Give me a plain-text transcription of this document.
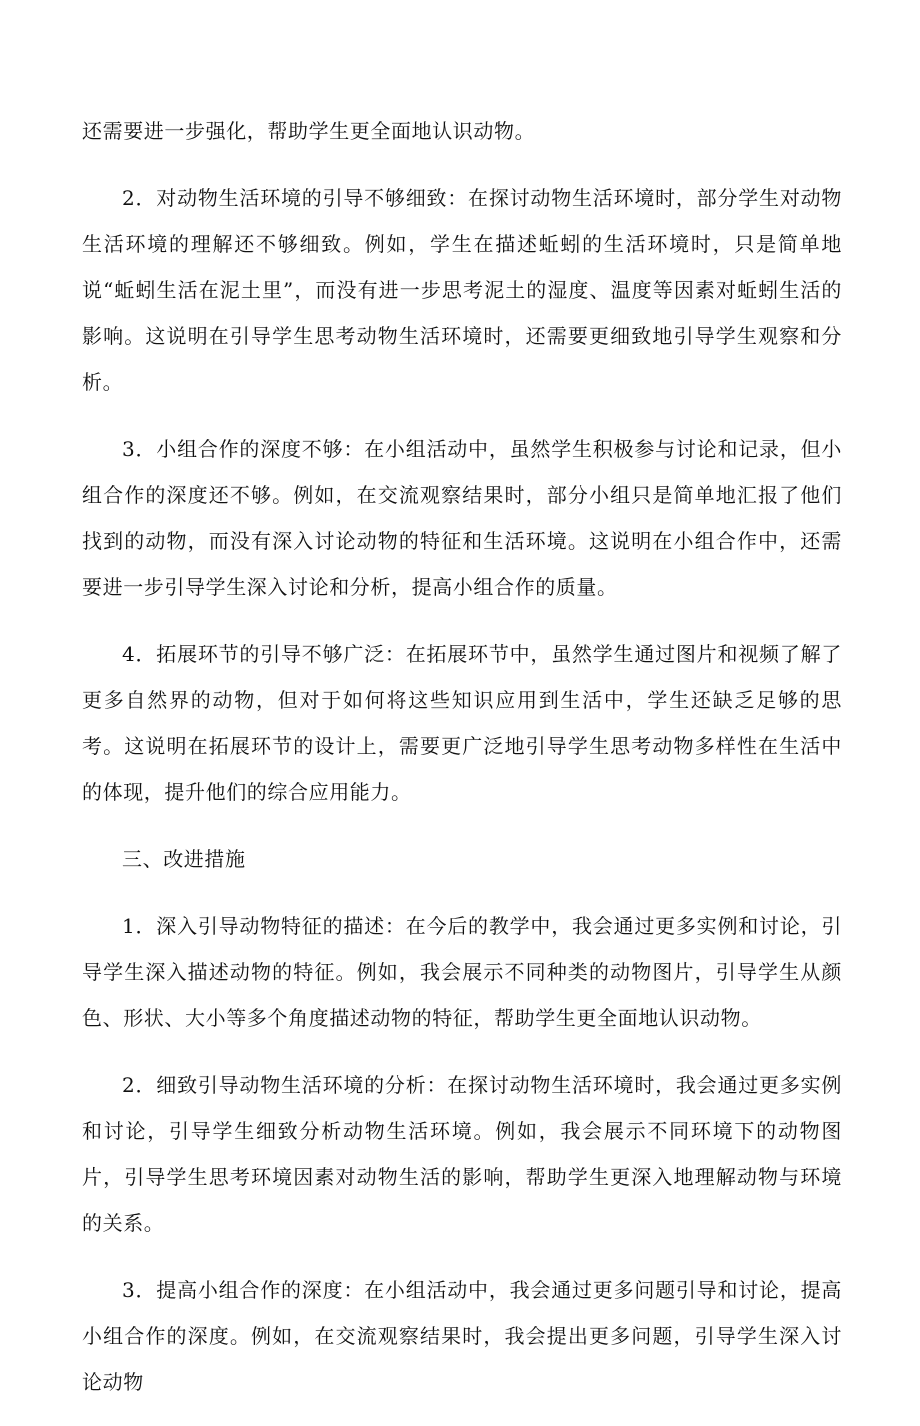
还需要进一步强化，帮助学生更全面地认识动物。

2．对动物生活环境的引导不够细致：在探讨动物生活环境时，部分学生对动物生活环境的理解还不够细致。例如，学生在描述蚯蚓的生活环境时，只是简单地说“蚯蚓生活在泥土里”，而没有进一步思考泥土的湿度、温度等因素对蚯蚓生活的影响。这说明在引导学生思考动物生活环境时，还需要更细致地引导学生观察和分析。

3．小组合作的深度不够：在小组活动中，虽然学生积极参与讨论和记录，但小组合作的深度还不够。例如，在交流观察结果时，部分小组只是简单地汇报了他们找到的动物，而没有深入讨论动物的特征和生活环境。这说明在小组合作中，还需要进一步引导学生深入讨论和分析，提高小组合作的质量。

4．拓展环节的引导不够广泛：在拓展环节中，虽然学生通过图片和视频了解了更多自然界的动物，但对于如何将这些知识应用到生活中，学生还缺乏足够的思考。这说明在拓展环节的设计上，需要更广泛地引导学生思考动物多样性在生活中的体现，提升他们的综合应用能力。

三、改进措施

1．深入引导动物特征的描述：在今后的教学中，我会通过更多实例和讨论，引导学生深入描述动物的特征。例如，我会展示不同种类的动物图片，引导学生从颜色、形状、大小等多个角度描述动物的特征，帮助学生更全面地认识动物。

2．细致引导动物生活环境的分析：在探讨动物生活环境时，我会通过更多实例和讨论，引导学生细致分析动物生活环境。例如，我会展示不同环境下的动物图片，引导学生思考环境因素对动物生活的影响，帮助学生更深入地理解动物与环境的关系。

3．提高小组合作的深度：在小组活动中，我会通过更多问题引导和讨论，提高小组合作的深度。例如，在交流观察结果时，我会提出更多问题，引导学生深入讨论动物
